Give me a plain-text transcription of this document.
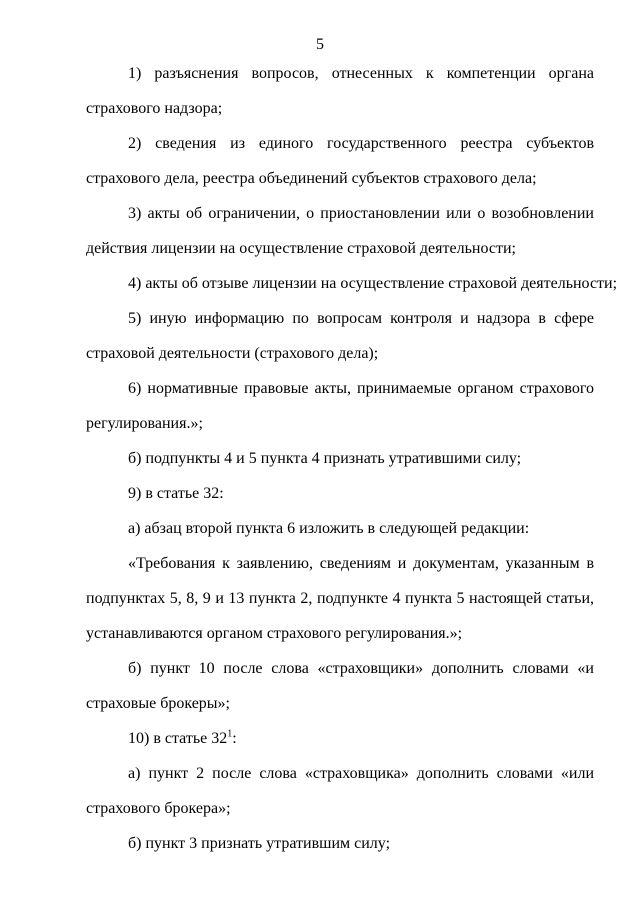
5
1) разъяснения вопросов, отнесенных к компетенции органа
страхового надзора;
2) сведения из единого государственного реестра субъектов
страхового дела, реестра объединений субъектов страхового дела;
3) акты об ограничении, о приостановлении или о возобновлении
действия лицензии на осуществление страховой деятельности;
4) акты об отзыве лицензии на осуществление страховой деятельности;
5) иную информацию по вопросам контроля и надзора в сфере
страховой деятельности (страхового дела);
6) нормативные правовые акты, принимаемые органом страхового
регулирования.»;
б) подпункты 4 и 5 пункта 4 признать утратившими силу;
9) в статье 32:
а) абзац второй пункта 6 изложить в следующей редакции:
«Требования к заявлению, сведениям и документам, указанным в
подпунктах 5, 8, 9 и 13 пункта 2, подпункте 4 пункта 5 настоящей статьи,
устанавливаются органом страхового регулирования.»;
б) пункт 10 после слова «страховщики» дополнить словами «и
страховые брокеры»;
10) в статье $32^1$:
а) пункт 2 после слова «страховщика» дополнить словами «или
страхового брокера»;
б) пункт 3 признать утратившим силу;
